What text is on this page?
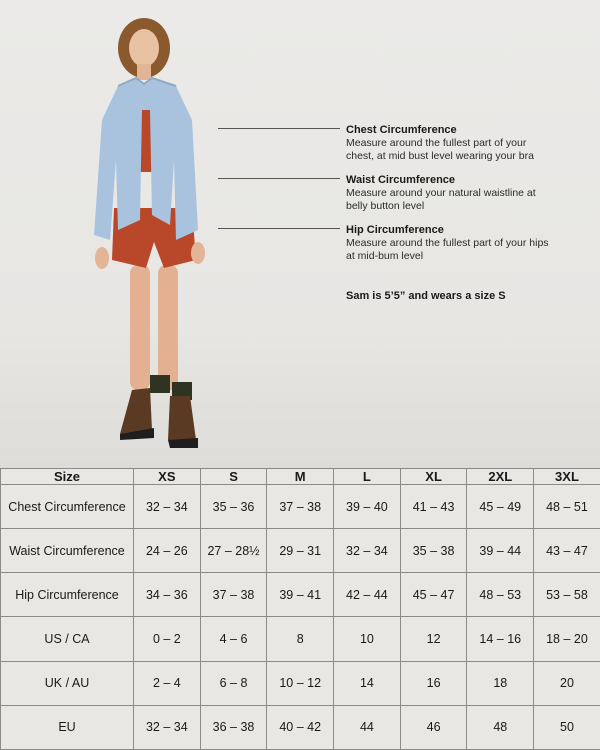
Chest Circumference
Measure around the fullest part of your
chest, at mid bust level wearing your bra
Waist Circumference
Measure around your natural waistline at
belly button level
Hip Circumference
Measure around the fullest part of your hips
at mid-bum level
Sam is 5’5” and wears a size S
Size	XS	S	M	L	XL	2XL	3XL
Chest Circumference	32 – 34	35 – 36	37 – 38	39 – 40	41 – 43	45 – 49	48 – 51
Waist Circumference	24 – 26	27 – 28½	29 – 31	32 – 34	35 – 38	39 – 44	43 – 47
Hip Circumference	34 – 36	37 – 38	39 – 41	42 – 44	45 – 47	48 – 53	53 – 58
US / CA	0 – 2	4 – 6	8	10	12	14 – 16	18 – 20
UK / AU	2 – 4	6 – 8	10 – 12	14	16	18	20
EU	32 – 34	36 – 38	40 – 42	44	46	48	50
